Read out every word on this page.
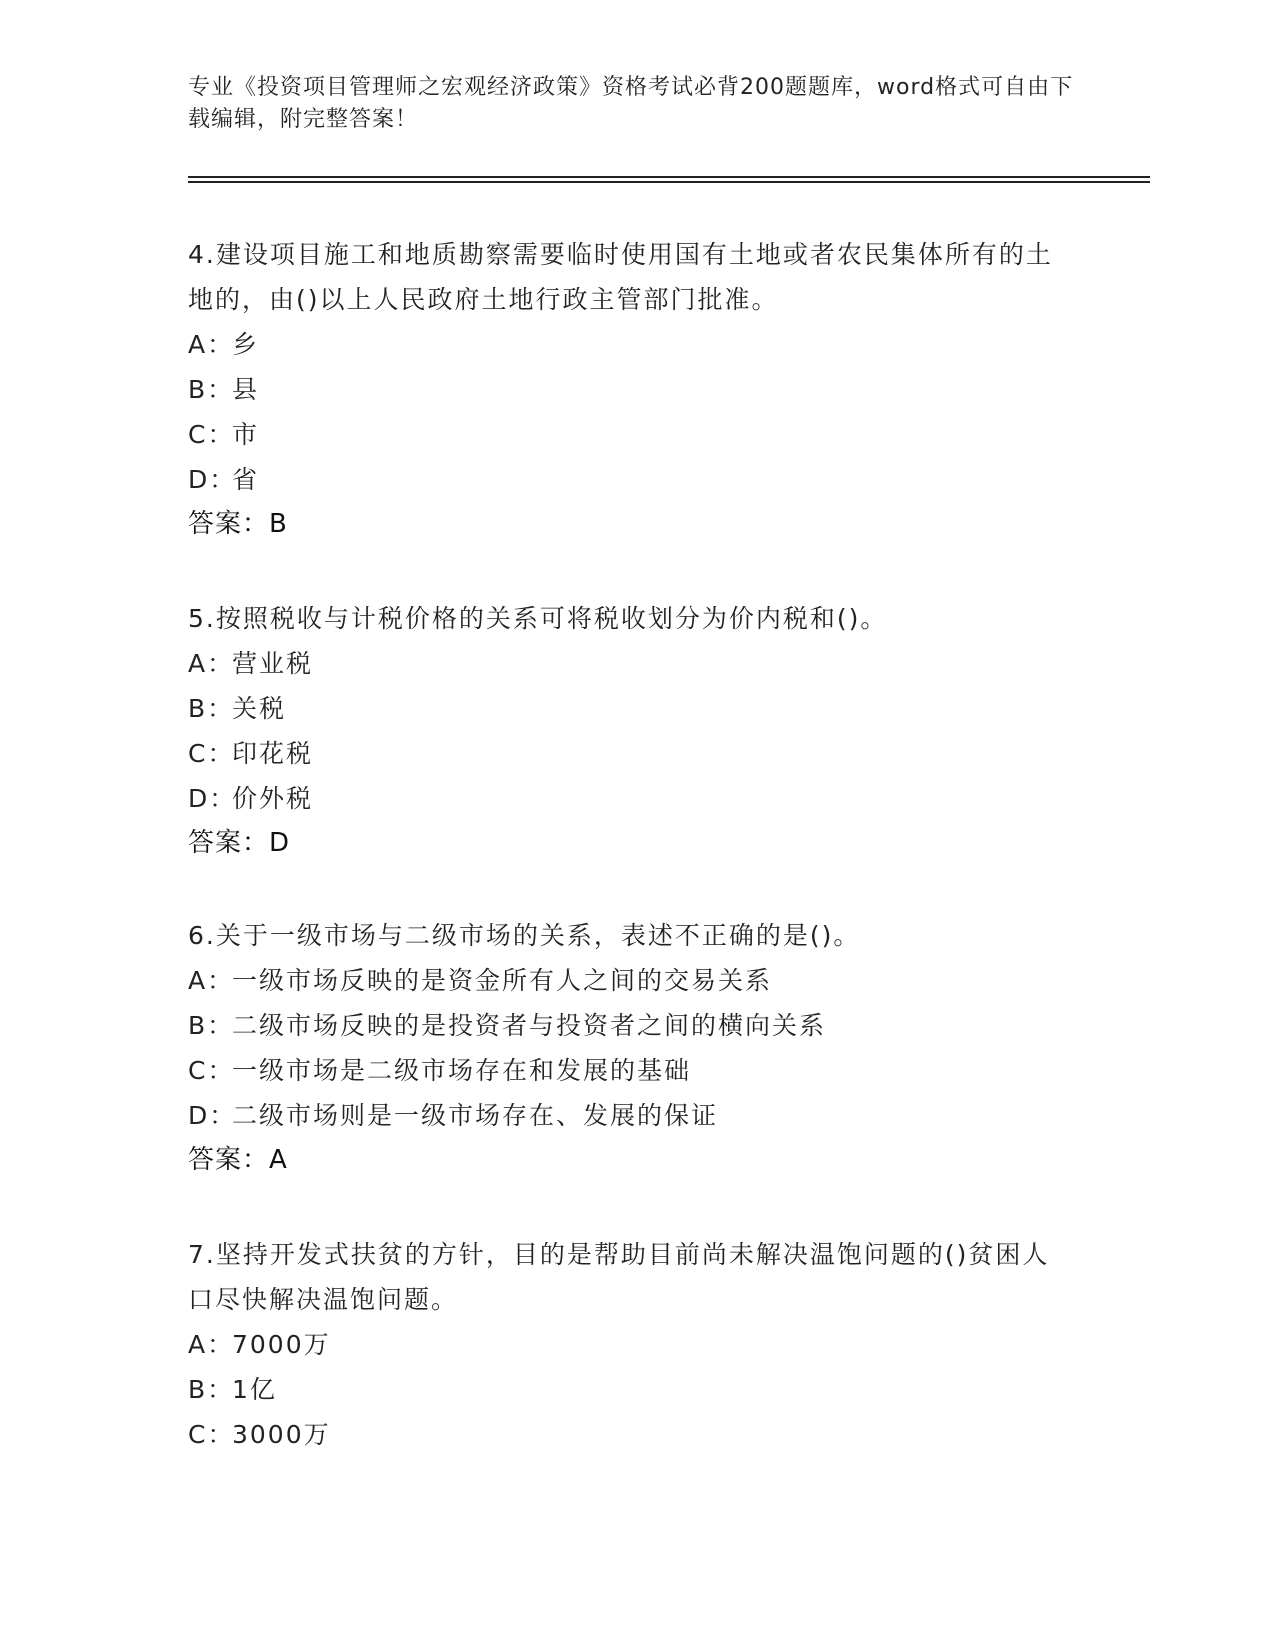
专业《投资项目管理师之宏观经济政策》资格考试必背200题题库，word格式可自由下载编辑，附完整答案！

4.建设项目施工和地质勘察需要临时使用国有土地或者农民集体所有的土地的，由()以上人民政府土地行政主管部门批准。

A：乡
B：县
C：市
D：省
答案：B

5.按照税收与计税价格的关系可将税收划分为价内税和()。

A：营业税
B：关税
C：印花税
D：价外税
答案：D

6.关于一级市场与二级市场的关系，表述不正确的是()。

A：一级市场反映的是资金所有人之间的交易关系
B：二级市场反映的是投资者与投资者之间的横向关系
C：一级市场是二级市场存在和发展的基础
D：二级市场则是一级市场存在、发展的保证
答案：A

7.坚持开发式扶贫的方针，目的是帮助目前尚未解决温饱问题的()贫困人口尽快解决温饱问题。

A：7000万
B：1亿
C：3000万
